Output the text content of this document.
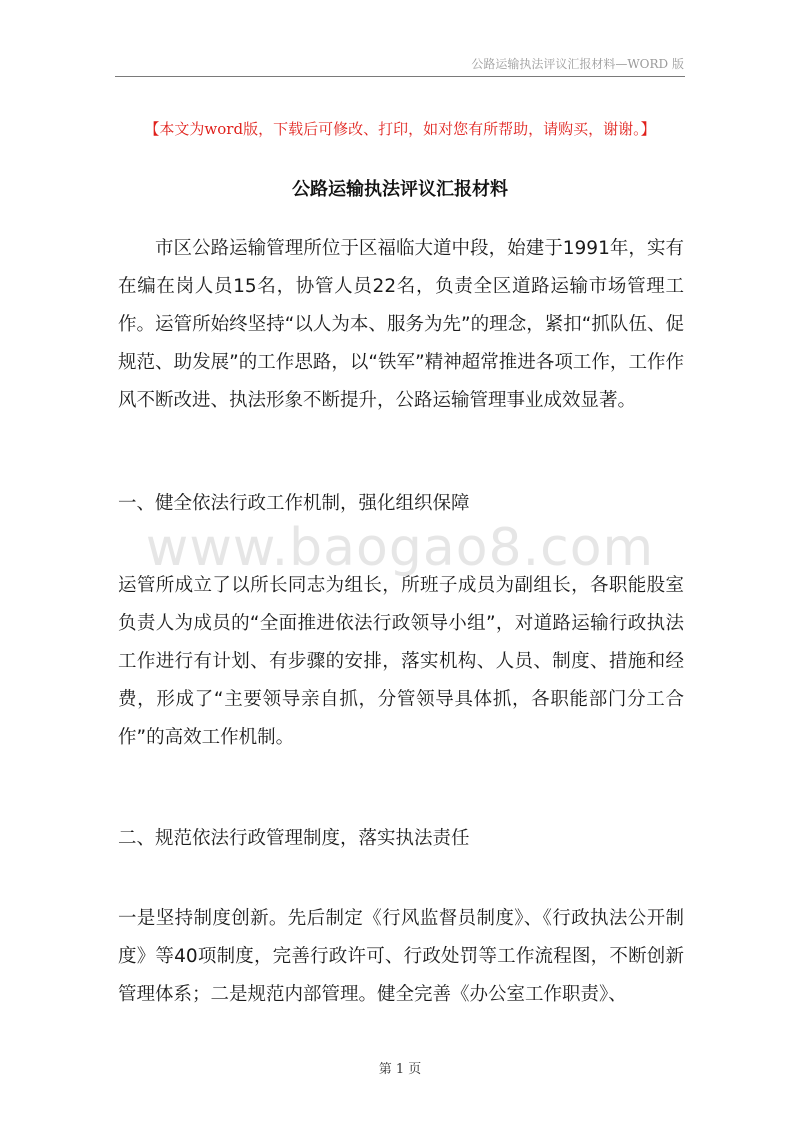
公路运输执法评议汇报材料—WORD 版
【本文为word版，下载后可修改、打印，如对您有所帮助，请购买，谢谢。】
公路运输执法评议汇报材料
市区公路运输管理所位于区福临大道中段，始建于1991年，实有在编在岗人员15名，协管人员22名，负责全区道路运输市场管理工作。运管所始终坚持“以人为本、服务为先”的理念，紧扣“抓队伍、促规范、助发展”的工作思路，以“铁军”精神超常推进各项工作，工作作风不断改进、执法形象不断提升，公路运输管理事业成效显著。
一、健全依法行政工作机制，强化组织保障
www.baogao8.com
运管所成立了以所长同志为组长，所班子成员为副组长，各职能股室负责人为成员的“全面推进依法行政领导小组”，对道路运输行政执法工作进行有计划、有步骤的安排，落实机构、人员、制度、措施和经费，形成了“主要领导亲自抓，分管领导具体抓，各职能部门分工合作”的高效工作机制。
二、规范依法行政管理制度，落实执法责任
一是坚持制度创新。先后制定《行风监督员制度》、《行政执法公开制度》等40项制度，完善行政许可、行政处罚等工作流程图，不断创新管理体系；二是规范内部管理。健全完善《办公室工作职责》、
第 1 页
